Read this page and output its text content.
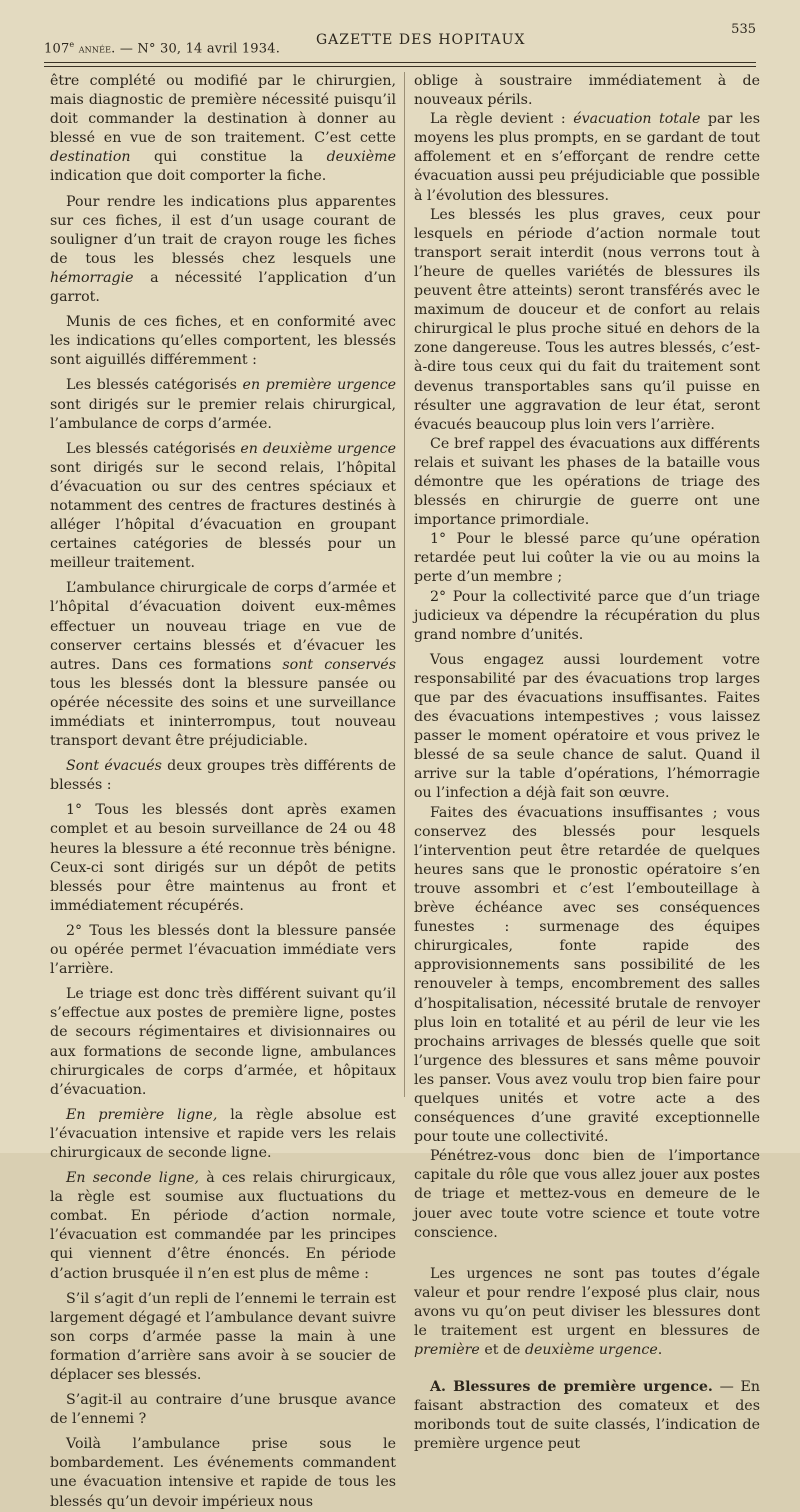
107e année. — N° 30, 14 avril 1934.
GAZETTE DES HOPITAUX
535

être complété ou modifié par le chirurgien, mais diagnostic de première nécessité puisqu’il doit commander la destination à donner au blessé en vue de son traitement. C’est cette destination qui constitue la deuxième indication que doit comporter la fiche.

Pour rendre les indications plus apparentes sur ces fiches, il est d’un usage courant de souligner d’un trait de crayon rouge les fiches de tous les blessés chez lesquels une hémorragie a nécessité l’application d’un garrot.

Munis de ces fiches, et en conformité avec les indications qu’elles comportent, les blessés sont aiguillés différemment :

Les blessés catégorisés en première urgence sont dirigés sur le premier relais chirurgical, l’ambulance de corps d’armée.

Les blessés catégorisés en deuxième urgence sont dirigés sur le second relais, l’hôpital d’évacuation ou sur des centres spéciaux et notamment des centres de fractures destinés à alléger l’hôpital d’évacuation en groupant certaines catégories de blessés pour un meilleur traitement.

L’ambulance chirurgicale de corps d’armée et l’hôpital d’évacuation doivent eux-mêmes effectuer un nouveau triage en vue de conserver certains blessés et d’évacuer les autres. Dans ces formations sont conservés tous les blessés dont la blessure pansée ou opérée nécessite des soins et une surveillance immédiats et ininterrompus, tout nouveau transport devant être préjudiciable.

Sont évacués deux groupes très différents de blessés :

1° Tous les blessés dont après examen complet et au besoin surveillance de 24 ou 48 heures la blessure a été reconnue très bénigne. Ceux-ci sont dirigés sur un dépôt de petits blessés pour être maintenus au front et immédiatement récupérés.

2° Tous les blessés dont la blessure pansée ou opérée permet l’évacuation immédiate vers l’arrière.

Le triage est donc très différent suivant qu’il s’effectue aux postes de première ligne, postes de secours régimentaires et divisionnaires ou aux formations de seconde ligne, ambulances chirurgicales de corps d’armée, et hôpitaux d’évacuation.

En première ligne, la règle absolue est l’évacuation intensive et rapide vers les relais chirurgicaux de seconde ligne.

En seconde ligne, à ces relais chirurgicaux, la règle est soumise aux fluctuations du combat. En période d’action normale, l’évacuation est commandée par les principes qui viennent d’être énoncés. En période d’action brusquée il n’en est plus de même :

S’il s’agit d’un repli de l’ennemi le terrain est largement dégagé et l’ambulance devant suivre son corps d’armée passe la main à une formation d’arrière sans avoir à se soucier de déplacer ses blessés.

S’agit-il au contraire d’une brusque avance de l’ennemi ?

Voilà l’ambulance prise sous le bombardement. Les événements commandent une évacuation intensive et rapide de tous les blessés qu’un devoir impérieux nous

oblige à soustraire immédiatement à de nouveaux périls.

La règle devient : évacuation totale par les moyens les plus prompts, en se gardant de tout affolement et en s’efforçant de rendre cette évacuation aussi peu préjudiciable que possible à l’évolution des blessures.

Les blessés les plus graves, ceux pour lesquels en période d’action normale tout transport serait interdit (nous verrons tout à l’heure de quelles variétés de blessures ils peuvent être atteints) seront transférés avec le maximum de douceur et de confort au relais chirurgical le plus proche situé en dehors de la zone dangereuse. Tous les autres blessés, c’est-à-dire tous ceux qui du fait du traitement sont devenus transportables sans qu’il puisse en résulter une aggravation de leur état, seront évacués beaucoup plus loin vers l’arrière.

Ce bref rappel des évacuations aux différents relais et suivant les phases de la bataille vous démontre que les opérations de triage des blessés en chirurgie de guerre ont une importance primordiale.

1° Pour le blessé parce qu’une opération retardée peut lui coûter la vie ou au moins la perte d’un membre ;

2° Pour la collectivité parce que d’un triage judicieux va dépendre la récupération du plus grand nombre d’unités.

Vous engagez aussi lourdement votre responsabilité par des évacuations trop larges que par des évacuations insuffisantes. Faites des évacuations intempestives ; vous laissez passer le moment opératoire et vous privez le blessé de sa seule chance de salut. Quand il arrive sur la table d’opérations, l’hémorragie ou l’infection a déjà fait son œuvre.

Faites des évacuations insuffisantes ; vous conservez des blessés pour lesquels l’intervention peut être retardée de quelques heures sans que le pronostic opératoire s’en trouve assombri et c’est l’embouteillage à brève échéance avec ses conséquences funestes : surmenage des équipes chirurgicales, fonte rapide des approvisionnements sans possibilité de les renouveler à temps, encombrement des salles d’hospitalisation, nécessité brutale de renvoyer plus loin en totalité et au péril de leur vie les prochains arrivages de blessés quelle que soit l’urgence des blessures et sans même pouvoir les panser. Vous avez voulu trop bien faire pour quelques unités et votre acte a des conséquences d’une gravité exceptionnelle pour toute une collectivité.

Pénétrez-vous donc bien de l’importance capitale du rôle que vous allez jouer aux postes de triage et mettez-vous en demeure de le jouer avec toute votre science et toute votre conscience.

Les urgences ne sont pas toutes d’égale valeur et pour rendre l’exposé plus clair, nous avons vu qu’on peut diviser les blessures dont le traitement est urgent en blessures de première et de deuxième urgence.

A. Blessures de première urgence. — En faisant abstraction des comateux et des moribonds tout de suite classés, l’indication de première urgence peut
